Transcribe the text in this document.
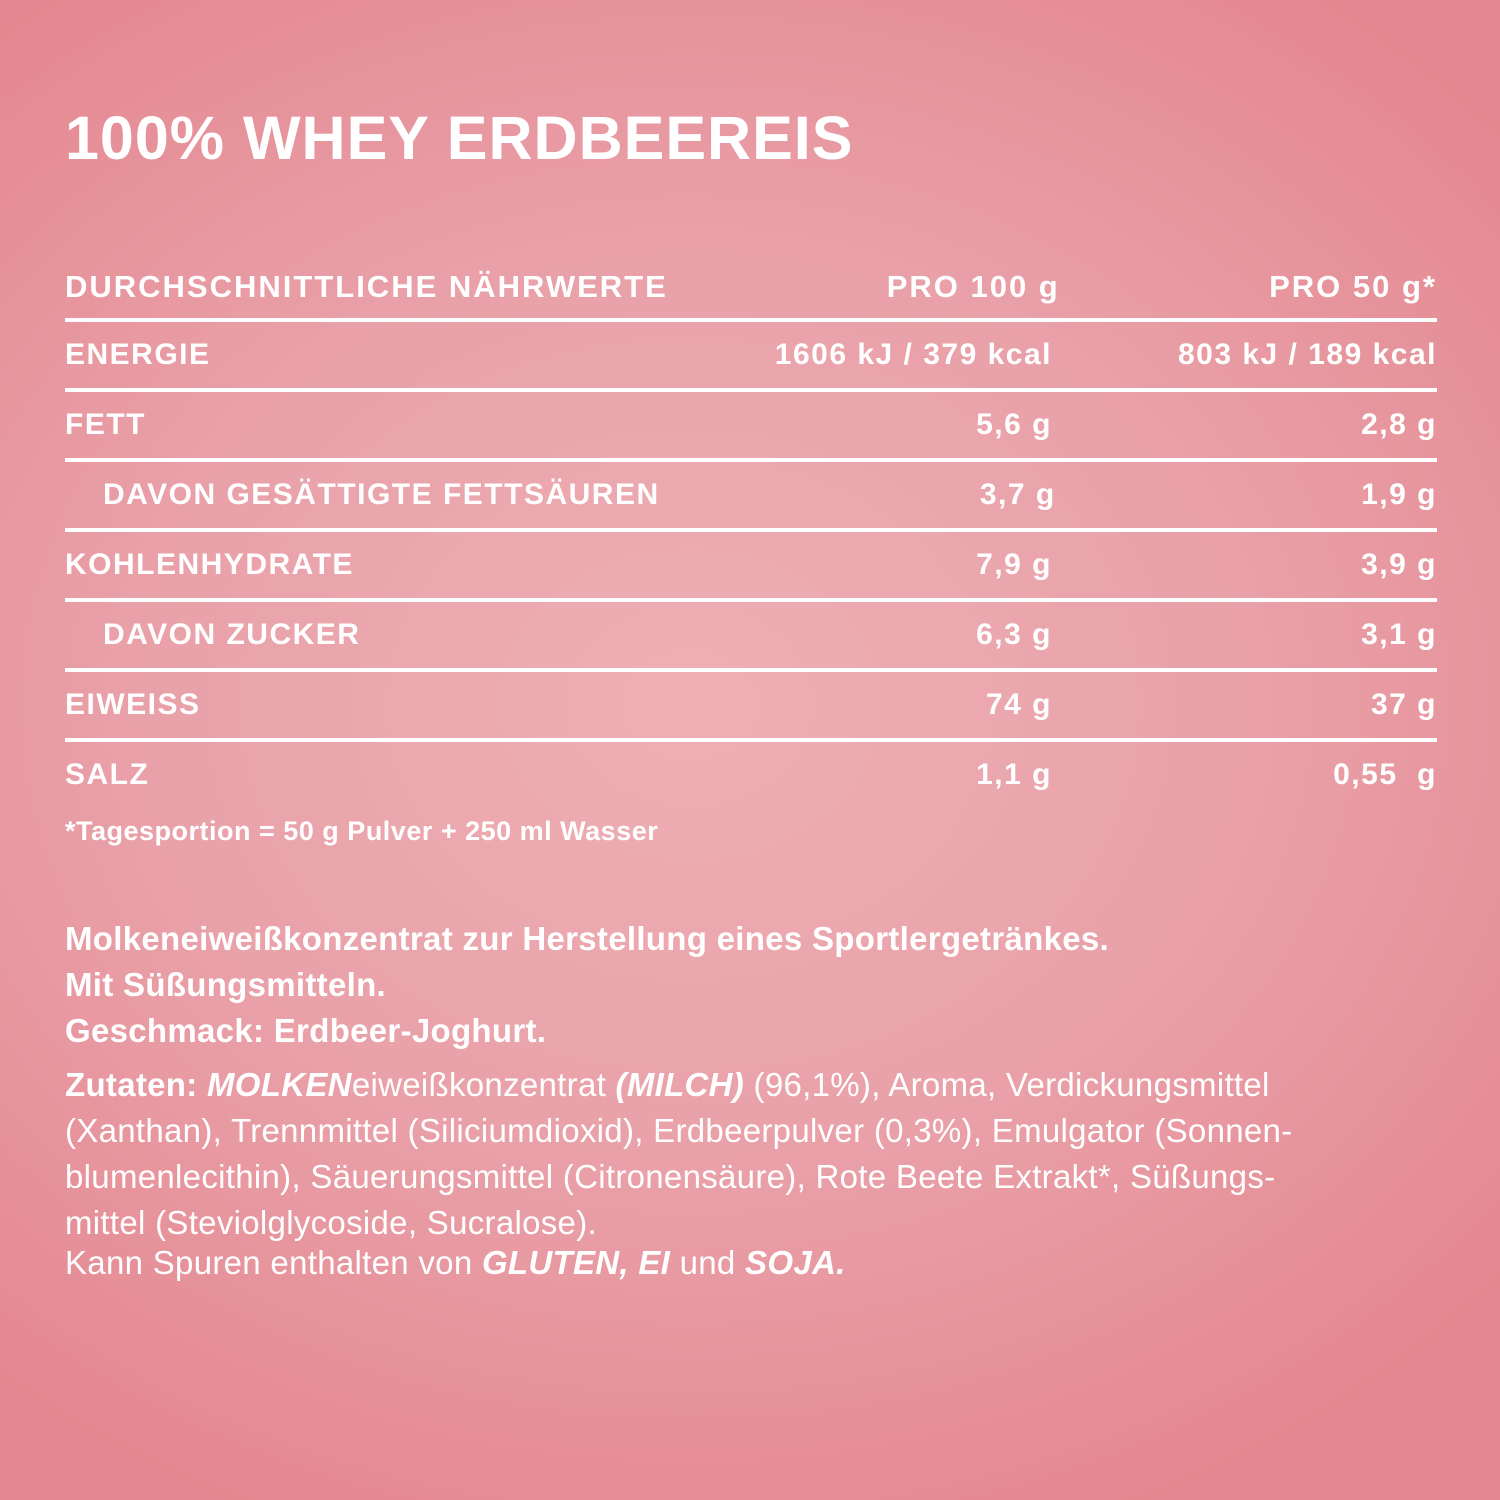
100% WHEY ERDBEEREIS
DURCHSCHNITTLICHE NÄHRWERTE	PRO 100 g	PRO 50 g*
ENERGIE	1606 kJ / 379 kcal	803 kJ / 189 kcal
FETT	5,6 g	2,8 g
DAVON GESÄTTIGTE FETTSÄUREN	3,7 g	1,9 g
KOHLENHYDRATE	7,9 g	3,9 g
DAVON ZUCKER	6,3 g	3,1 g
EIWEISS	74 g	37 g
SALZ	1,1 g	0,55  g
*Tagesportion = 50 g Pulver + 250 ml Wasser
Molkeneiweißkonzentrat zur Herstellung eines Sportlergetränkes.
Mit Süßungsmitteln.
Geschmack: Erdbeer-Joghurt.
Zutaten: MOLKENeiweißkonzentrat (MILCH) (96,1%), Aroma, Verdickungsmittel
(Xanthan), Trennmittel (Siliciumdioxid), Erdbeerpulver (0,3%), Emulgator (Sonnen-
blumenlecithin), Säuerungsmittel (Citronensäure), Rote Beete Extrakt*, Süßungs-
mittel (Steviolglycoside, Sucralose).
Kann Spuren enthalten von GLUTEN, EI und SOJA.
